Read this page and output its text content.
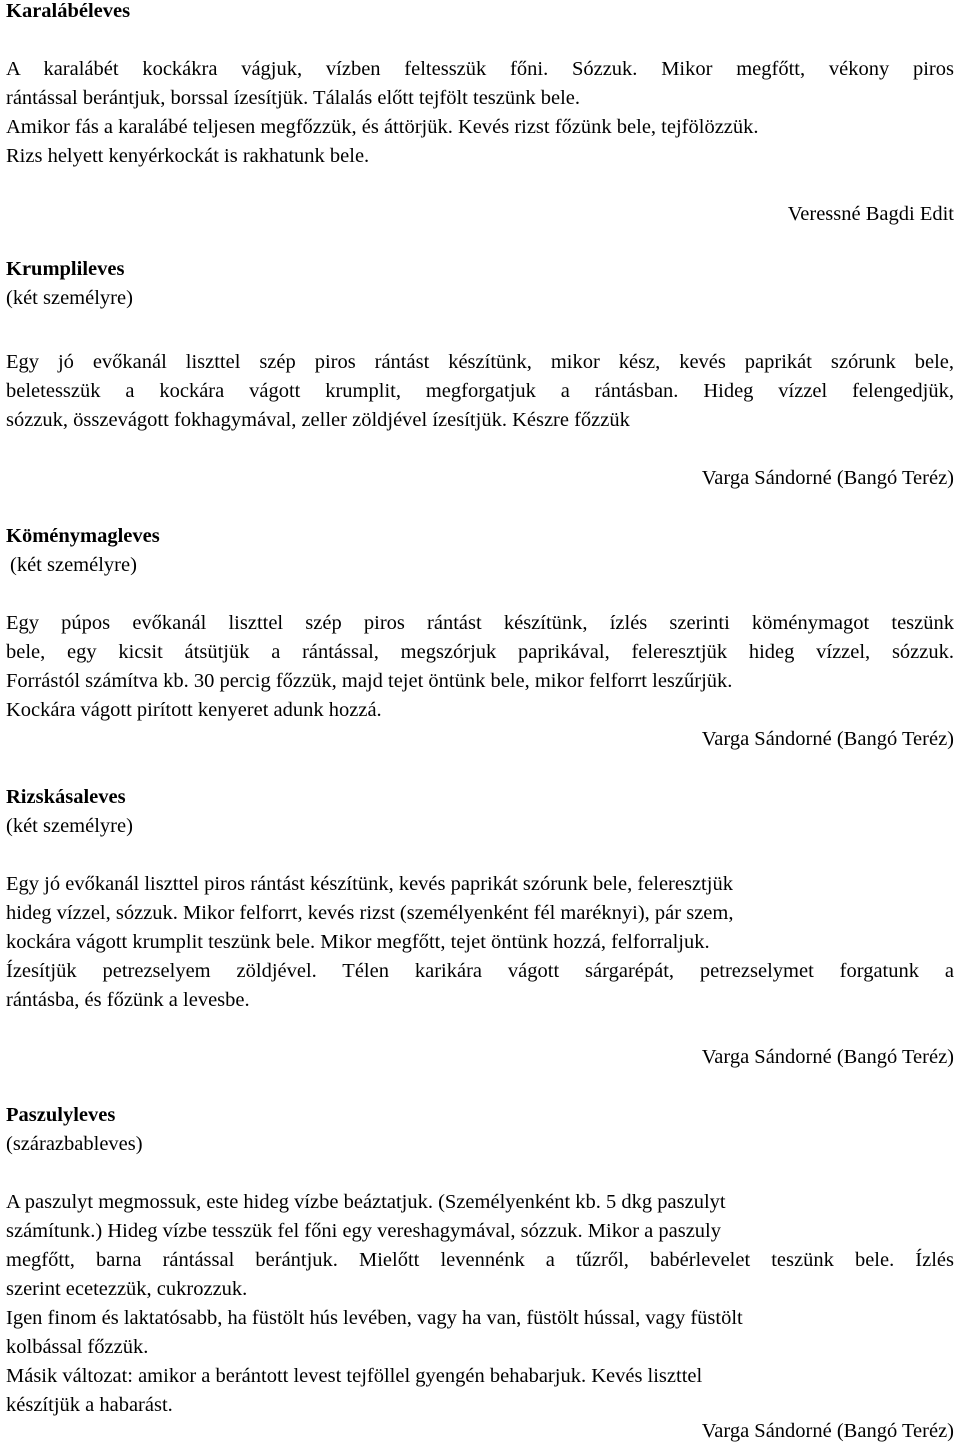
Karalábéleves
A karalábét kockákra vágjuk, vízben feltesszük főni. Sózzuk. Mikor megfőtt, vékony piros
rántással berántjuk, borssal ízesítjük. Tálalás előtt tejfölt teszünk bele.
Amikor fás a karalábé teljesen megfőzzük, és áttörjük. Kevés rizst főzünk bele, tejfölözzük.
Rizs helyett kenyérkockát is rakhatunk bele.
Veressné Bagdi Edit
Krumplileves
(két személyre)
Egy jó evőkanál liszttel szép piros rántást készítünk, mikor kész, kevés paprikát szórunk bele,
beletesszük a kockára vágott krumplit, megforgatjuk a rántásban. Hideg vízzel felengedjük,
sózzuk, összevágott fokhagymával, zeller zöldjével ízesítjük. Készre főzzük
Varga Sándorné (Bangó Teréz)
Köménymagleves
(két személyre)
Egy púpos evőkanál liszttel szép piros rántást készítünk, ízlés szerinti köménymagot teszünk
bele, egy kicsit átsütjük a rántással, megszórjuk paprikával, feleresztjük hideg vízzel, sózzuk.
Forrástól számítva kb. 30 percig főzzük, majd tejet öntünk bele, mikor felforrt leszűrjük.
Kockára vágott pirított kenyeret adunk hozzá.
Varga Sándorné (Bangó Teréz)
Rizskásaleves
(két személyre)
Egy jó evőkanál liszttel piros rántást készítünk, kevés paprikát szórunk bele, feleresztjük
hideg vízzel, sózzuk. Mikor felforrt, kevés rizst (személyenként fél maréknyi), pár szem,
kockára vágott krumplit teszünk bele. Mikor megfőtt, tejet öntünk hozzá, felforraljuk.
Ízesítjük petrezselyem zöldjével. Télen karikára vágott sárgarépát, petrezselymet forgatunk a
rántásba, és főzünk a levesbe.
Varga Sándorné (Bangó Teréz)
Paszulyleves
(szárazbableves)
A paszulyt megmossuk, este hideg vízbe beáztatjuk. (Személyenként kb. 5 dkg paszulyt
számítunk.) Hideg vízbe tesszük fel főni egy vereshagymával, sózzuk. Mikor a paszuly
megfőtt, barna rántással berántjuk. Mielőtt levennénk a tűzről, babérlevelet teszünk bele. Ízlés
szerint ecetezzük, cukrozzuk.
Igen finom és laktatósabb, ha füstölt hús levében, vagy ha van, füstölt hússal, vagy füstölt
kolbással főzzük.
Másik változat: amikor a berántott levest tejföllel gyengén behabarjuk. Kevés liszttel
készítjük a habarást.
Varga Sándorné (Bangó Teréz)
